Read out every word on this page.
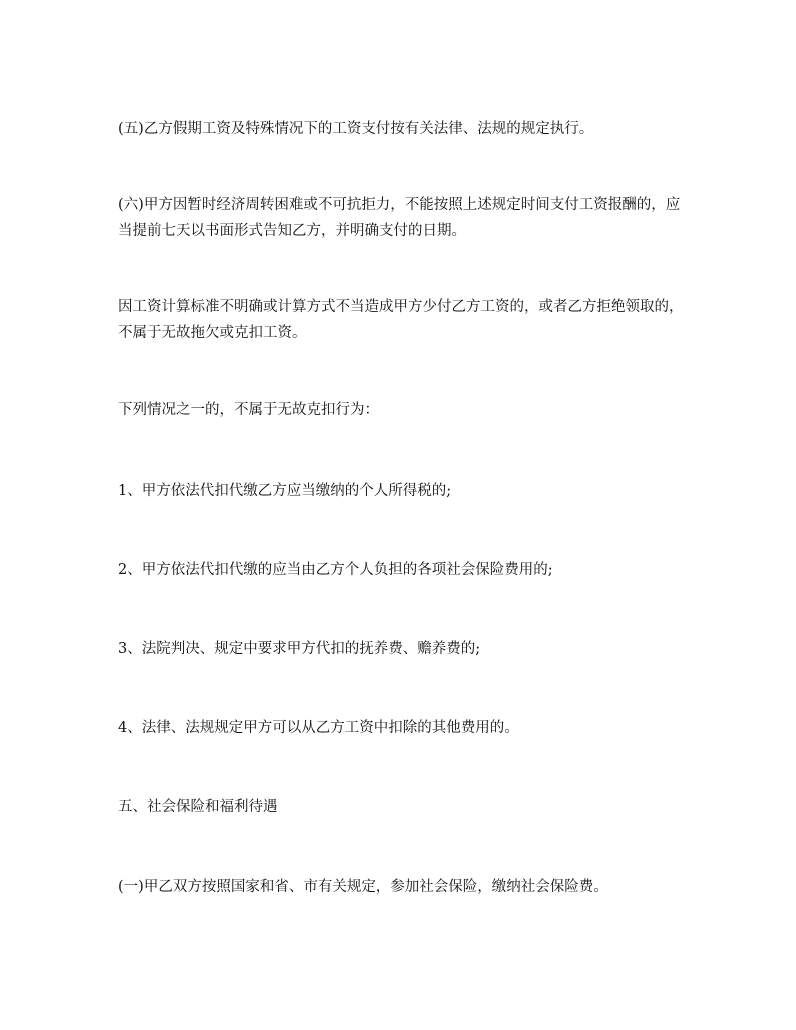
(五)乙方假期工资及特殊情况下的工资支付按有关法律、法规的规定执行。

(六)甲方因暂时经济周转困难或不可抗拒力，不能按照上述规定时间支付工资报酬的，应当提前七天以书面形式告知乙方，并明确支付的日期。

因工资计算标准不明确或计算方式不当造成甲方少付乙方工资的，或者乙方拒绝领取的，不属于无故拖欠或克扣工资。

下列情况之一的，不属于无故克扣行为：

1、甲方依法代扣代缴乙方应当缴纳的个人所得税的;

2、甲方依法代扣代缴的应当由乙方个人负担的各项社会保险费用的;

3、法院判决、规定中要求甲方代扣的抚养费、赡养费的;

4、法律、法规规定甲方可以从乙方工资中扣除的其他费用的。

五、社会保险和福利待遇

(一)甲乙双方按照国家和省、市有关规定，参加社会保险，缴纳社会保险费。
